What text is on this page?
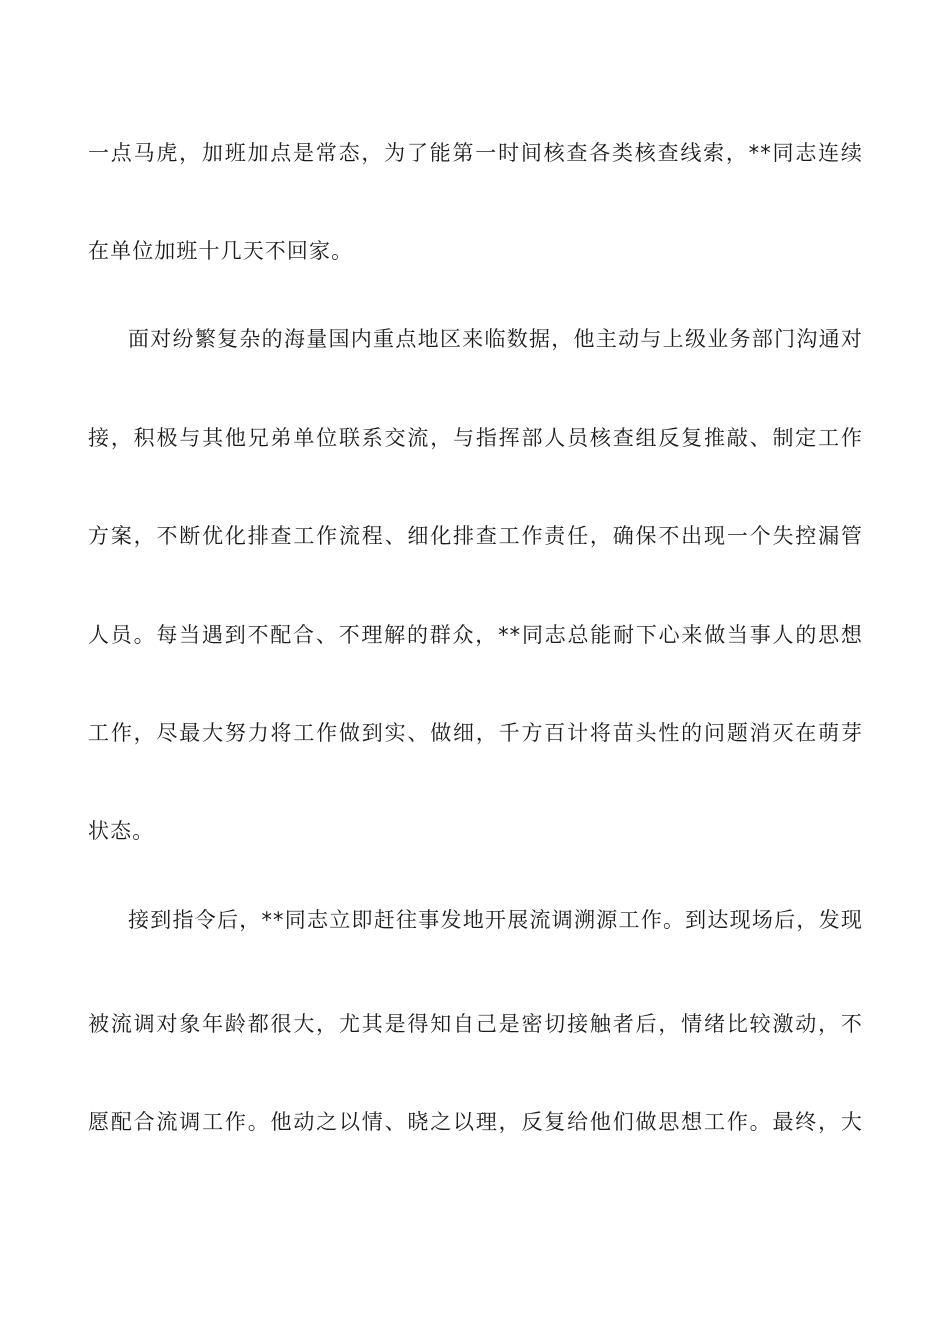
一点马虎，加班加点是常态，为了能第一时间核查各类核查线索，**同志连续
在单位加班十几天不回家。
面对纷繁复杂的海量国内重点地区来临数据，他主动与上级业务部门沟通对
接，积极与其他兄弟单位联系交流，与指挥部人员核查组反复推敲、制定工作
方案，不断优化排查工作流程、细化排查工作责任，确保不出现一个失控漏管
人员。每当遇到不配合、不理解的群众，**同志总能耐下心来做当事人的思想
工作，尽最大努力将工作做到实、做细，千方百计将苗头性的问题消灭在萌芽
状态。
接到指令后，**同志立即赶往事发地开展流调溯源工作。到达现场后，发现
被流调对象年龄都很大，尤其是得知自己是密切接触者后，情绪比较激动，不
愿配合流调工作。他动之以情、晓之以理，反复给他们做思想工作。最终，大
